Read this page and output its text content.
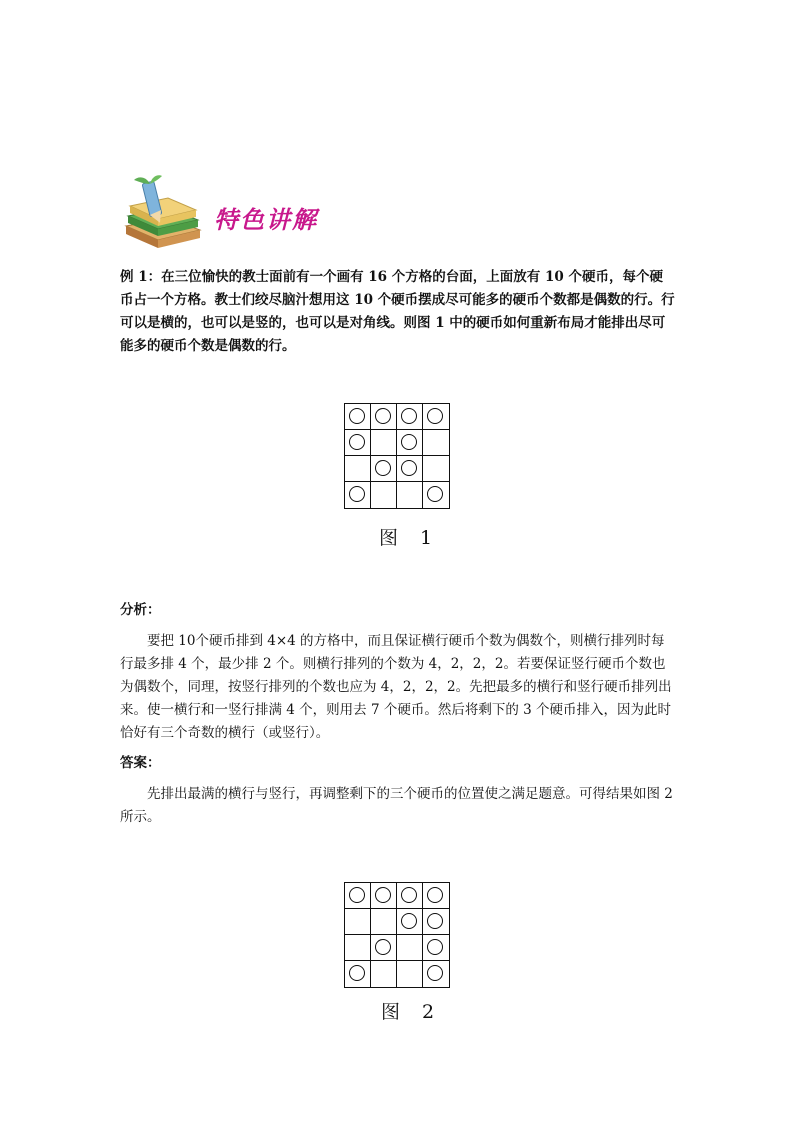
特色讲解
例 1：在三位愉快的教士面前有一个画有 16 个方格的台面，上面放有 10 个硬币，每个硬币占一个方格。教士们绞尽脑汁想用这 10 个硬币摆成尽可能多的硬币个数都是偶数的行。行可以是横的，也可以是竖的，也可以是对角线。则图 1 中的硬币如何重新布局才能排出尽可能多的硬币个数是偶数的行。
图 1
分析：
要把 10个硬币排到 4×4 的方格中，而且保证横行硬币个数为偶数个，则横行排列时每行最多排 4 个，最少排 2 个。则横行排列的个数为 4，2，2，2。若要保证竖行硬币个数也为偶数个，同理，按竖行排列的个数也应为 4，2，2，2。先把最多的横行和竖行硬币排列出来。使一横行和一竖行排满 4 个，则用去 7 个硬币。然后将剩下的 3 个硬币排入，因为此时恰好有三个奇数的横行（或竖行）。
答案：
先排出最满的横行与竖行，再调整剩下的三个硬币的位置使之满足题意。可得结果如图 2 所示。
图 2
